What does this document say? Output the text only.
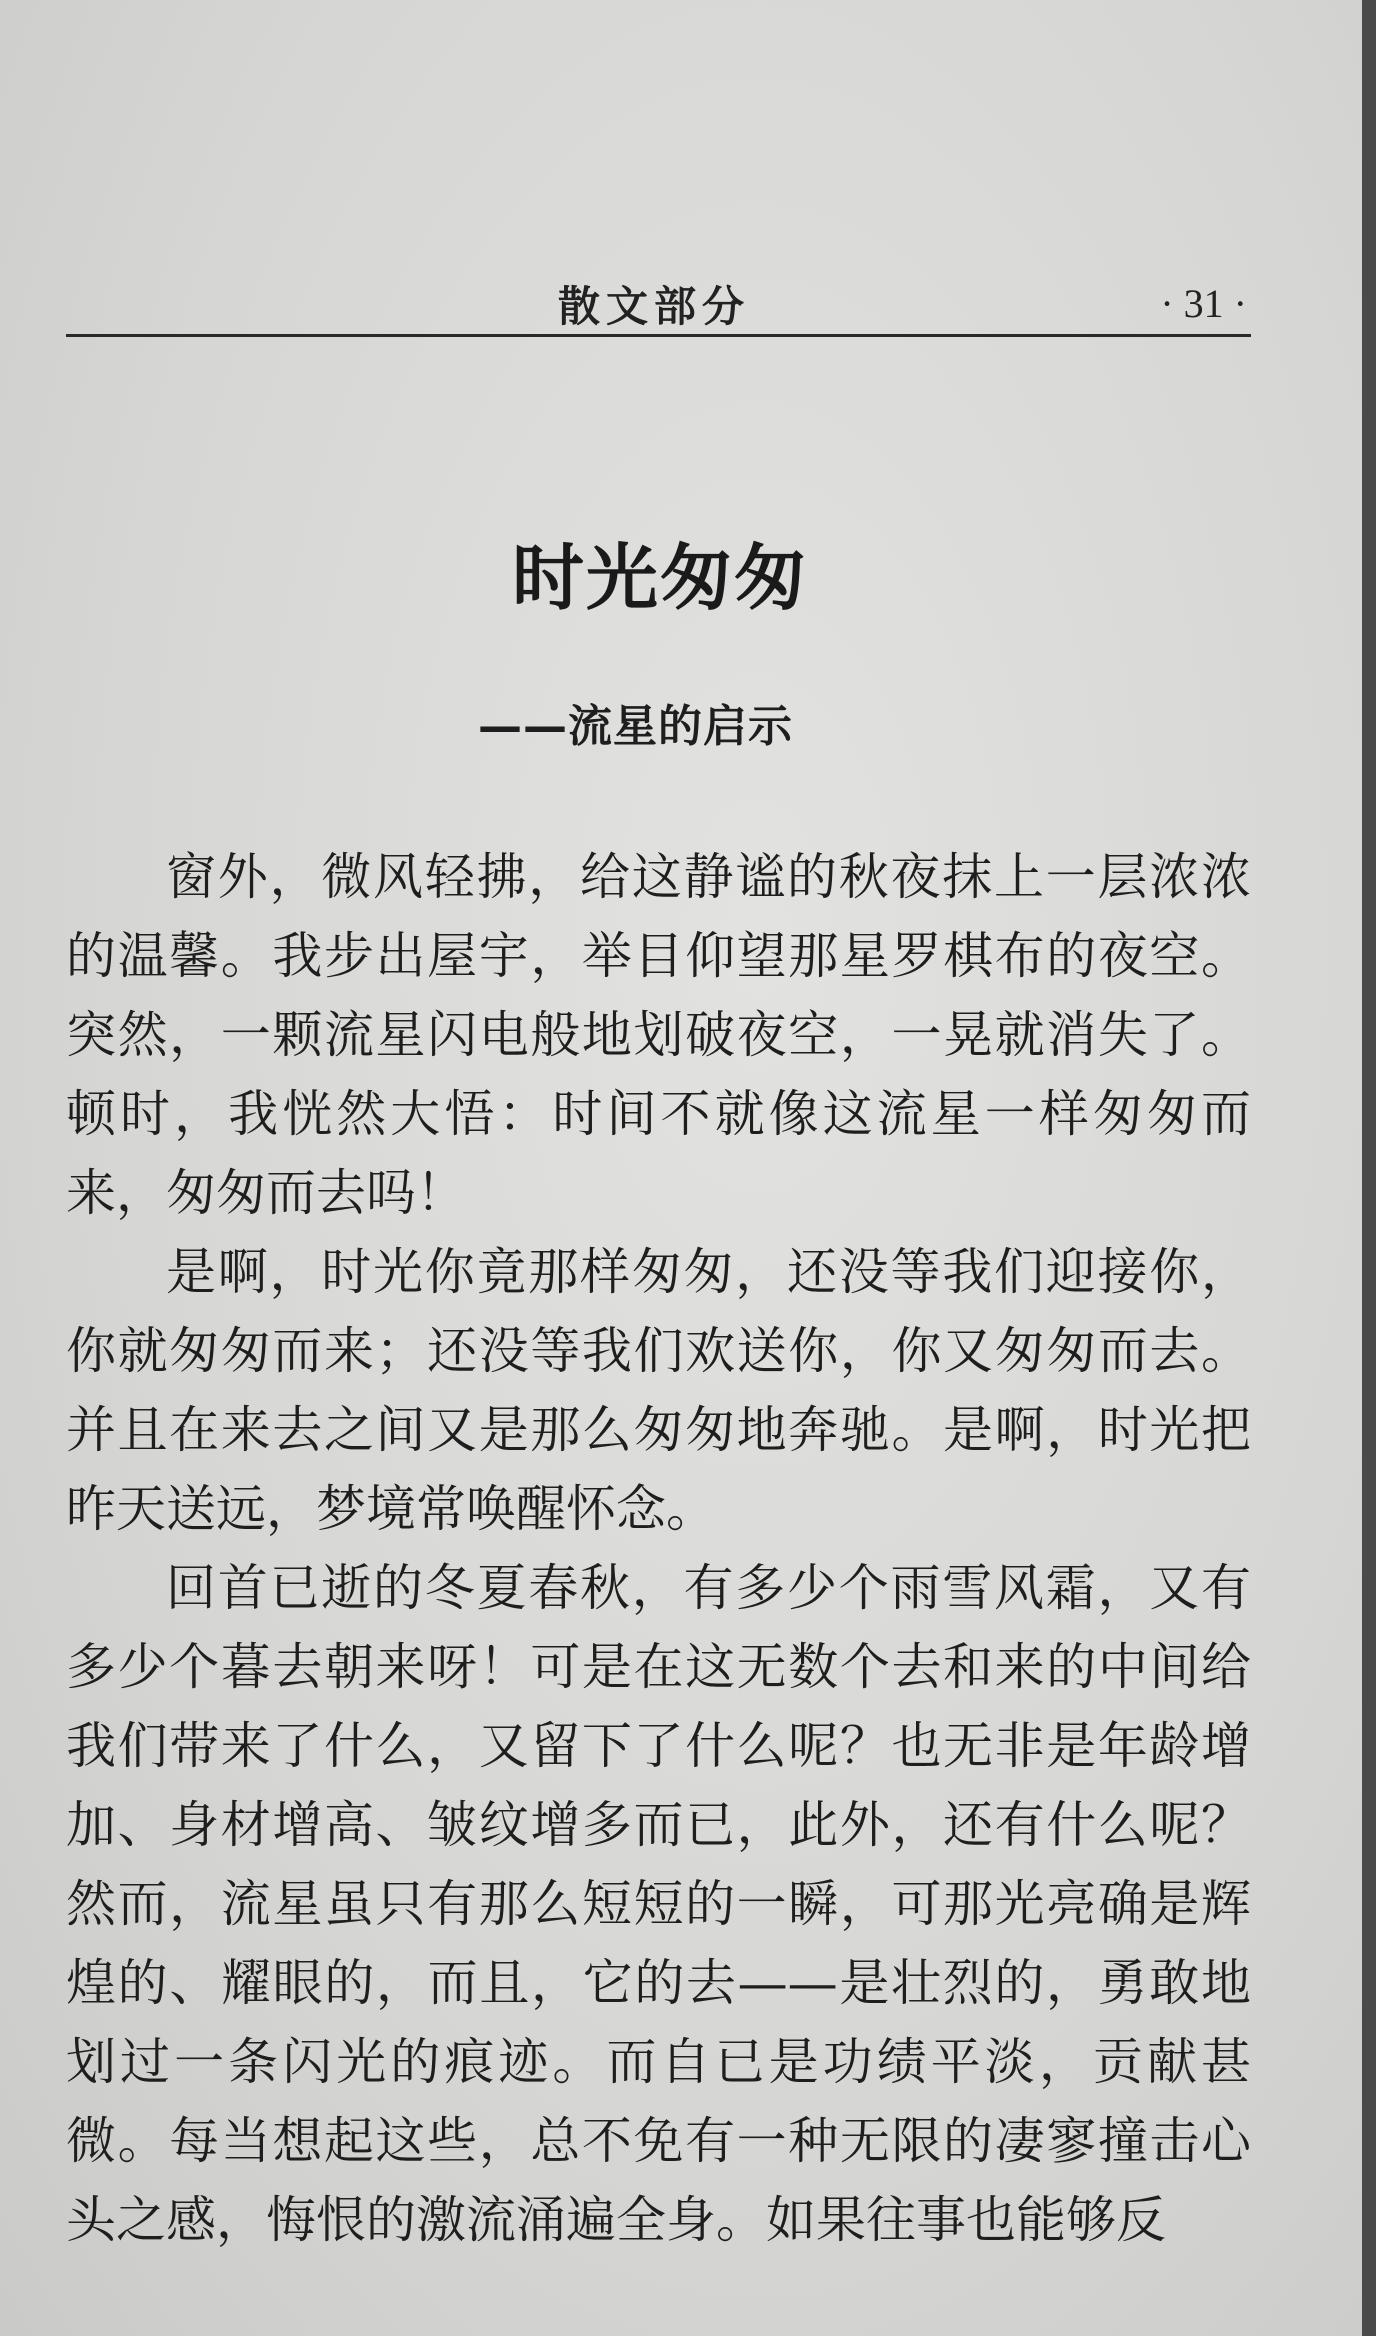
散文部分	· 31 ·
时光匆匆
——流星的启示

窗外，微风轻拂，给这静谧的秋夜抹上一层浓浓的温馨。我步出屋宇，举目仰望那星罗棋布的夜空。突然，一颗流星闪电般地划破夜空，一晃就消失了。顿时，我恍然大悟：时间不就像这流星一样匆匆而来，匆匆而去吗！

是啊，时光你竟那样匆匆，还没等我们迎接你，你就匆匆而来；还没等我们欢送你，你又匆匆而去。并且在来去之间又是那么匆匆地奔驰。是啊，时光把昨天送远，梦境常唤醒怀念。

回首已逝的冬夏春秋，有多少个雨雪风霜，又有多少个暮去朝来呀！可是在这无数个去和来的中间给我们带来了什么，又留下了什么呢？也无非是年龄增加、身材增高、皱纹增多而已，此外，还有什么呢？然而，流星虽只有那么短短的一瞬，可那光亮确是辉煌的、耀眼的，而且，它的去——是壮烈的，勇敢地划过一条闪光的痕迹。而自已是功绩平淡，贡献甚微。每当想起这些，总不免有一种无限的凄寥撞击心头之感，悔恨的激流涌遍全身。如果往事也能够反
